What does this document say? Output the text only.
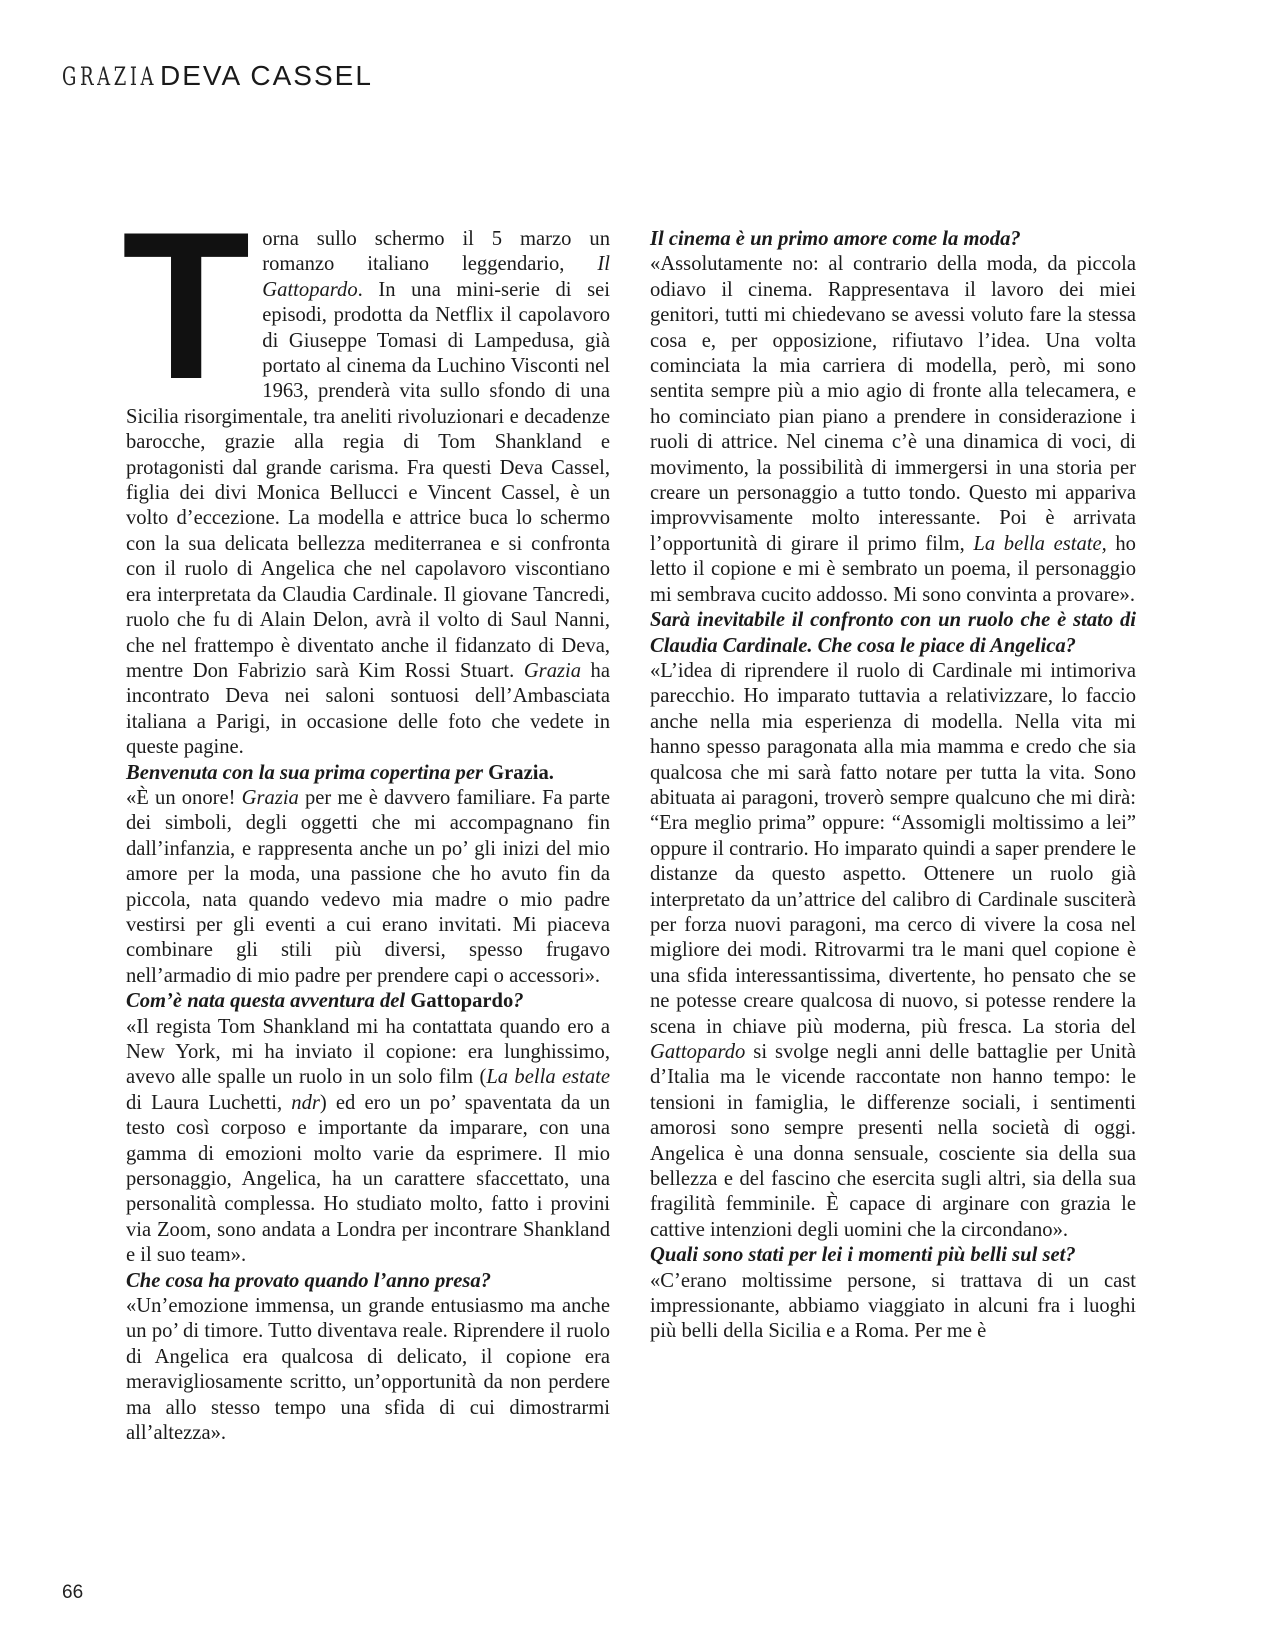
GRAZIA DEVA CASSEL

Torna sullo schermo il 5 marzo un romanzo italiano leggendario, Il Gattopardo. In una mini-serie di sei episodi, prodotta da Netflix il capolavoro di Giuseppe Tomasi di Lampedusa, già portato al cinema da Luchino Visconti nel 1963, prenderà vita sullo sfondo di una Sicilia risorgimentale, tra aneliti rivoluzionari e decadenze barocche, grazie alla regia di Tom Shankland e protagonisti dal grande carisma. Fra questi Deva Cassel, figlia dei divi Monica Bellucci e Vincent Cassel, è un volto d’eccezione. La modella e attrice buca lo schermo con la sua delicata bellezza mediterranea e si confronta con il ruolo di Angelica che nel capolavoro viscontiano era interpretata da Claudia Cardinale. Il giovane Tancredi, ruolo che fu di Alain Delon, avrà il volto di Saul Nanni, che nel frattempo è diventato anche il fidanzato di Deva, mentre Don Fabrizio sarà Kim Rossi Stuart. Grazia ha incontrato Deva nei saloni sontuosi dell’Ambasciata italiana a Parigi, in occasione delle foto che vedete in queste pagine.

Benvenuta con la sua prima copertina per Grazia.

«È un onore! Grazia per me è davvero familiare. Fa parte dei simboli, degli oggetti che mi accompagnano fin dall’infanzia, e rappresenta anche un po’ gli inizi del mio amore per la moda, una passione che ho avuto fin da piccola, nata quando vedevo mia madre o mio padre vestirsi per gli eventi a cui erano invitati. Mi piaceva combinare gli stili più diversi, spesso frugavo nell’armadio di mio padre per prendere capi o accessori».

Com’è nata questa avventura del Gattopardo?

«Il regista Tom Shankland mi ha contattata quando ero a New York, mi ha inviato il copione: era lunghissimo, avevo alle spalle un ruolo in un solo film (La bella estate di Laura Luchetti, ndr) ed ero un po’ spaventata da un testo così corposo e importante da imparare, con una gamma di emozioni molto varie da esprimere. Il mio personaggio, Angelica, ha un carattere sfaccettato, una personalità complessa. Ho studiato molto, fatto i provini via Zoom, sono andata a Londra per incontrare Shankland e il suo team».

Che cosa ha provato quando l’anno presa?

«Un’emozione immensa, un grande entusiasmo ma anche un po’ di timore. Tutto diventava reale. Riprendere il ruolo di Angelica era qualcosa di delicato, il copione era meravigliosamente scritto, un’opportunità da non perdere ma allo stesso tempo una sfida di cui dimostrarmi all’altezza».

Il cinema è un primo amore come la moda?

«Assolutamente no: al contrario della moda, da piccola odiavo il cinema. Rappresentava il lavoro dei miei genitori, tutti mi chiedevano se avessi voluto fare la stessa cosa e, per opposizione, rifiutavo l’idea. Una volta cominciata la mia carriera di modella, però, mi sono sentita sempre più a mio agio di fronte alla telecamera, e ho cominciato pian piano a prendere in considerazione i ruoli di attrice. Nel cinema c’è una dinamica di voci, di movimento, la possibilità di immergersi in una storia per creare un personaggio a tutto tondo. Questo mi appariva improvvisamente molto interessante. Poi è arrivata l’opportunità di girare il primo film, La bella estate, ho letto il copione e mi è sembrato un poema, il personaggio mi sembrava cucito addosso. Mi sono convinta a provare».

Sarà inevitabile il confronto con un ruolo che è stato di Claudia Cardinale. Che cosa le piace di Angelica?

«L’idea di riprendere il ruolo di Cardinale mi intimoriva parecchio. Ho imparato tuttavia a relativizzare, lo faccio anche nella mia esperienza di modella. Nella vita mi hanno spesso paragonata alla mia mamma e credo che sia qualcosa che mi sarà fatto notare per tutta la vita. Sono abituata ai paragoni, troverò sempre qualcuno che mi dirà: “Era meglio prima” oppure: “Assomigli moltissimo a lei” oppure il contrario. Ho imparato quindi a saper prendere le distanze da questo aspetto. Ottenere un ruolo già interpretato da un’attrice del calibro di Cardinale susciterà per forza nuovi paragoni, ma cerco di vivere la cosa nel migliore dei modi. Ritrovarmi tra le mani quel copione è una sfida interessantissima, divertente, ho pensato che se ne potesse creare qualcosa di nuovo, si potesse rendere la scena in chiave più moderna, più fresca. La storia del Gattopardo si svolge negli anni delle battaglie per Unità d’Italia ma le vicende raccontate non hanno tempo: le tensioni in famiglia, le differenze sociali, i sentimenti amorosi sono sempre presenti nella società di oggi. Angelica è una donna sensuale, cosciente sia della sua bellezza e del fascino che esercita sugli altri, sia della sua fragilità femminile. È capace di arginare con grazia le cattive intenzioni degli uomini che la circondano».

Quali sono stati per lei i momenti più belli sul set?

«C’erano moltissime persone, si trattava di un cast impressionante, abbiamo viaggiato in alcuni fra i luoghi più belli della Sicilia e a Roma. Per me è

66
